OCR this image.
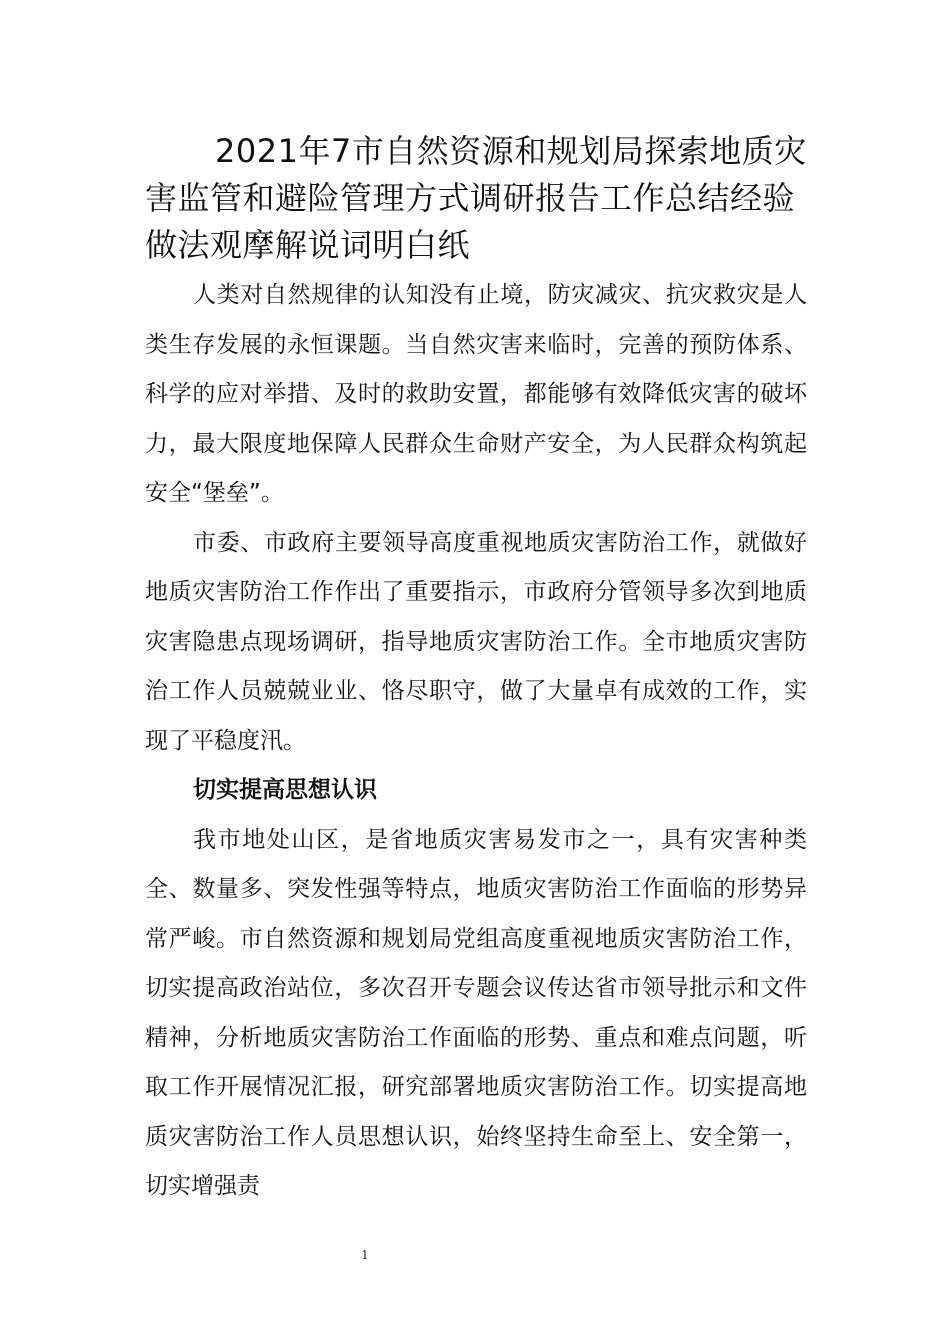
2021年7市自然资源和规划局探索地质灾害监管和避险管理方式调研报告工作总结经验做法观摩解说词明白纸

人类对自然规律的认知没有止境，防灾减灾、抗灾救灾是人类生存发展的永恒课题。当自然灾害来临时，完善的预防体系、科学的应对举措、及时的救助安置，都能够有效降低灾害的破坏力，最大限度地保障人民群众生命财产安全，为人民群众构筑起安全“堡垒”。

市委、市政府主要领导高度重视地质灾害防治工作，就做好地质灾害防治工作作出了重要指示，市政府分管领导多次到地质灾害隐患点现场调研，指导地质灾害防治工作。全市地质灾害防治工作人员兢兢业业、恪尽职守，做了大量卓有成效的工作，实现了平稳度汛。

切实提高思想认识

我市地处山区，是省地质灾害易发市之一，具有灾害种类全、数量多、突发性强等特点，地质灾害防治工作面临的形势异常严峻。市自然资源和规划局党组高度重视地质灾害防治工作，切实提高政治站位，多次召开专题会议传达省市领导批示和文件精神，分析地质灾害防治工作面临的形势、重点和难点问题，听取工作开展情况汇报，研究部署地质灾害防治工作。切实提高地质灾害防治工作人员思想认识，始终坚持生命至上、安全第一，切实增强责

1
